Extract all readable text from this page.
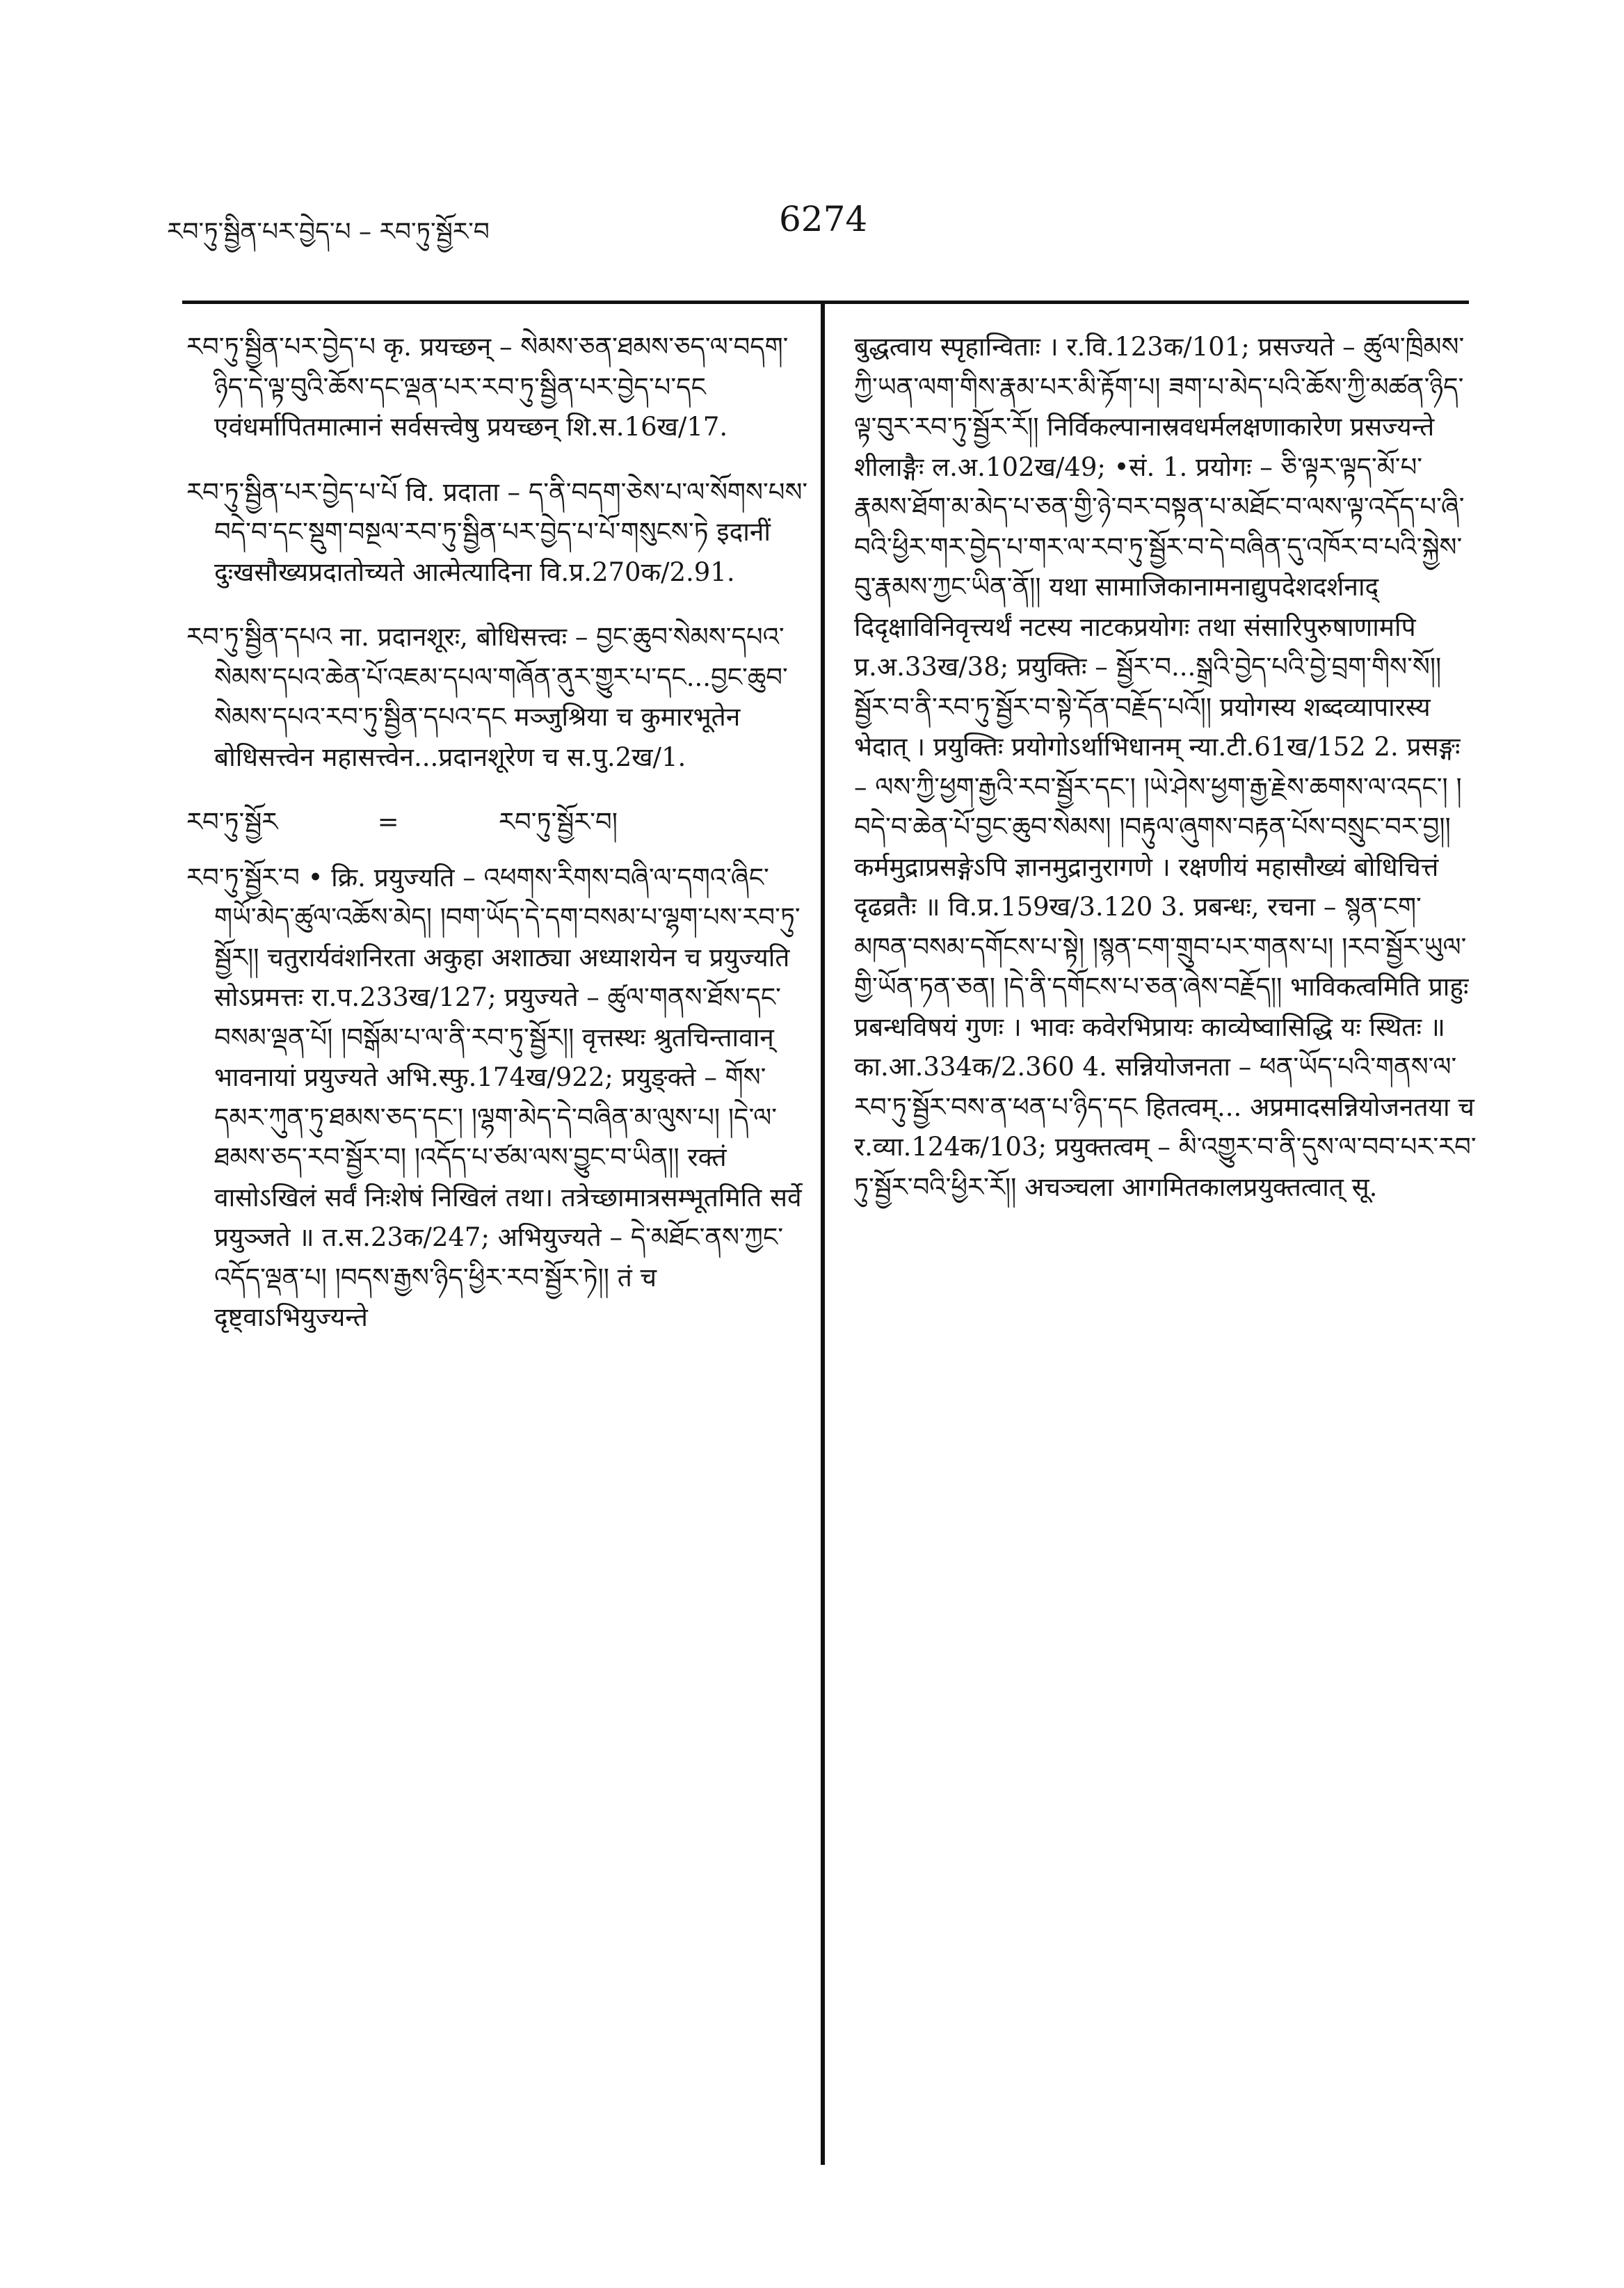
རབ་ཏུ་སྦྱིན་པར་བྱེད་པ – རབ་ཏུ་སྦྱོར་བ	6274

རབ་ཏུ་སྦྱིན་པར་བྱེད་པ कृ. प्रयच्छन् – སེམས་ཅན་ཐམས་ཅད་ལ་བདག་ཉིད་དེ་ལྟ་བུའི་ཆོས་དང་ལྡན་པར་རབ་ཏུ་སྦྱིན་པར་བྱེད་པ་དང एवंधर्मापितमात्मानं सर्वसत्त्वेषु प्रयच्छन् शि.स.16ख/17.

རབ་ཏུ་སྦྱིན་པར་བྱེད་པ་པོ वि. प्रदाता – ད་ནི་བདག་ཅེས་པ་ལ་སོགས་པས་བདེ་བ་དང་སྡུག་བསྔལ་རབ་ཏུ་སྦྱིན་པར་བྱེད་པ་པོ་གསུངས་ཏེ इदानीं दुःखसौख्यप्रदातोच्यते आत्मेत्यादिना वि.प्र.270क/2.91.

རབ་ཏུ་སྦྱིན་དཔའ ना. प्रदानशूरः, बोधिसत्त्वः – བྱང་ཆུབ་སེམས་དཔའ་སེམས་དཔའ་ཆེན་པོ་འཇམ་དཔལ་གཞོན་ནུར་གྱུར་པ་དང...བྱང་ཆུབ་སེམས་དཔའ་རབ་ཏུ་སྦྱིན་དཔའ་དང मञ्जुश्रिया च कुमारभूतेन बोधिसत्त्वेन महासत्त्वेन...प्रदानशूरेण च स.पु.2ख/1.

རབ་ཏུ་སྦྱོར	=	རབ་ཏུ་སྦྱོར་བ།

རབ་ཏུ་སྦྱོར་བ • क्रि. प्रयुज्यति – འཕགས་རིགས་བཞི་ལ་དགའ་ཞིང་གཡོ་མེད་ཚུལ་འཆོས་མེད། །བག་ཡོད་དེ་དག་བསམ་པ་ལྷག་པས་རབ་ཏུ་སྦྱོར།། चतुरार्यवंशनिरता अकुहा अशाठ्या अध्याशयेन च प्रयुज्यति सोऽप्रमत्तः रा.प.233ख/127; प्रयुज्यते – ཚུལ་གནས་ཐོས་དང་བསམ་ལྡན་པོ། །བསྒོམ་པ་ལ་ནི་རབ་ཏུ་སྦྱོར།། वृत्तस्थः श्रुतचिन्तावान् भावनायां प्रयुज्यते अभि.स्फु.174ख/922; प्रयुङ्क्ते – གོས་དམར་ཀུན་ཏུ་ཐམས་ཅད་དང་། །ལྷག་མེད་དེ་བཞིན་མ་ལུས་པ། །དེ་ལ་ཐམས་ཅད་རབ་སྦྱོར་བ། །འདོད་པ་ཙམ་ལས་བྱུང་བ་ཡིན།། रक्तं वासोऽखिलं सर्वं निःशेषं निखिलं तथा। तत्रेच्छामात्रसम्भूतमिति सर्वे प्रयुञ्जते ॥ त.स.23क/247; अभियुज्यते – དེ་མཐོང་ནས་ཀྱང་འདོད་ལྡན་པ། །བདས་རྒྱས་ཉིད་ཕྱིར་རབ་སྦྱོར་ཏེ།། तं च दृष्ट्वाऽभियुज्यन्ते

बुद्धत्वाय स्पृहान्विताः । र.वि.123क/101; प्रसज्यते – ཚུལ་ཁྲིམས་ཀྱི་ཡན་ལག་གིས་རྣམ་པར་མི་རྟོག་པ། ཟག་པ་མེད་པའི་ཆོས་ཀྱི་མཚན་ཉིད་ལྟ་བུར་རབ་ཏུ་སྦྱོར་རོ།། निर्विकल्पानास्रवधर्मलक्षणाकारेण प्रसज्यन्ते शीलाङ्गैः ल.अ.102ख/49; •सं. 1. प्रयोगः – ཅི་ལྟར་ལྟད་མོ་པ་རྣམས་ཐོག་མ་མེད་པ་ཅན་གྱི་ཉེ་བར་བསྟན་པ་མཐོང་བ་ལས་ལྟ་འདོད་པ་ཞི་བའི་ཕྱིར་གར་བྱེད་པ་གར་ལ་རབ་ཏུ་སྦྱོར་བ་དེ་བཞིན་དུ་འཁོར་བ་པའི་སྐྱེས་བུ་རྣམས་ཀྱང་ཡིན་ནོ།། यथा सामाजिकानामनाद्युपदेशदर्शनाद् दिदृक्षाविनिवृत्त्यर्थं नटस्य नाटकप्रयोगः तथा संसारिपुरुषाणामपि प्र.अ.33ख/38; प्रयुक्तिः – སྦྱོར་བ...སྒྲའི་བྱེད་པའི་བྱེ་བྲག་གིས་སོ།། སྦྱོར་བ་ནི་རབ་ཏུ་སྦྱོར་བ་སྟེ་དོན་བརྗོད་པའོ།། प्रयोगस्य शब्दव्यापारस्य भेदात् । प्रयुक्तिः प्रयोगोऽर्थाभिधानम् न्या.टी.61ख/152 2. प्रसङ्गः – ལས་ཀྱི་ཕྱག་རྒྱའི་རབ་སྦྱོར་དང་། །ཡེ་ཤེས་ཕྱག་རྒྱ་རྗེས་ཆགས་ལ་འདང་། །བདེ་བ་ཆེན་པོ་བྱང་ཆུབ་སེམས། །བརྟུལ་ཞུགས་བརྟན་པོས་བསྲུང་བར་བྱ།། कर्ममुद्राप्रसङ्गेऽपि ज्ञानमुद्रानुरागणे । रक्षणीयं महासौख्यं बोधिचित्तं दृढव्रतैः ॥ वि.प्र.159ख/3.120 3. प्रबन्धः, रचना – སྙན་ངག་མཁན་བསམ་དགོངས་པ་སྟེ། །སྙན་ངག་གྲུབ་པར་གནས་པ། །རབ་སྦྱོར་ཡུལ་གྱི་ཡོན་ཏན་ཅན། །དེ་ནི་དགོངས་པ་ཅན་ཞེས་བརྗོད།། भाविकत्वमिति प्राहुः प्रबन्धविषयं गुणः । भावः कवेरभिप्रायः काव्येष्वासिद्धि यः स्थितः ॥ का.आ.334क/2.360 4. सन्नियोजनता – ཕན་ཡོད་པའི་གནས་ལ་རབ་ཏུ་སྦྱོར་བས་ན་ཕན་པ་ཉིད་དང हितत्वम्... अप्रमादसन्नियोजनतया च र.व्या.124क/103; प्रयुक्तत्वम् – མི་འགྱུར་བ་ནི་དུས་ལ་བབ་པར་རབ་ཏུ་སྦྱོར་བའི་ཕྱིར་རོ།། अचञ्चला आगमितकालप्रयुक्तत्वात् सू.
